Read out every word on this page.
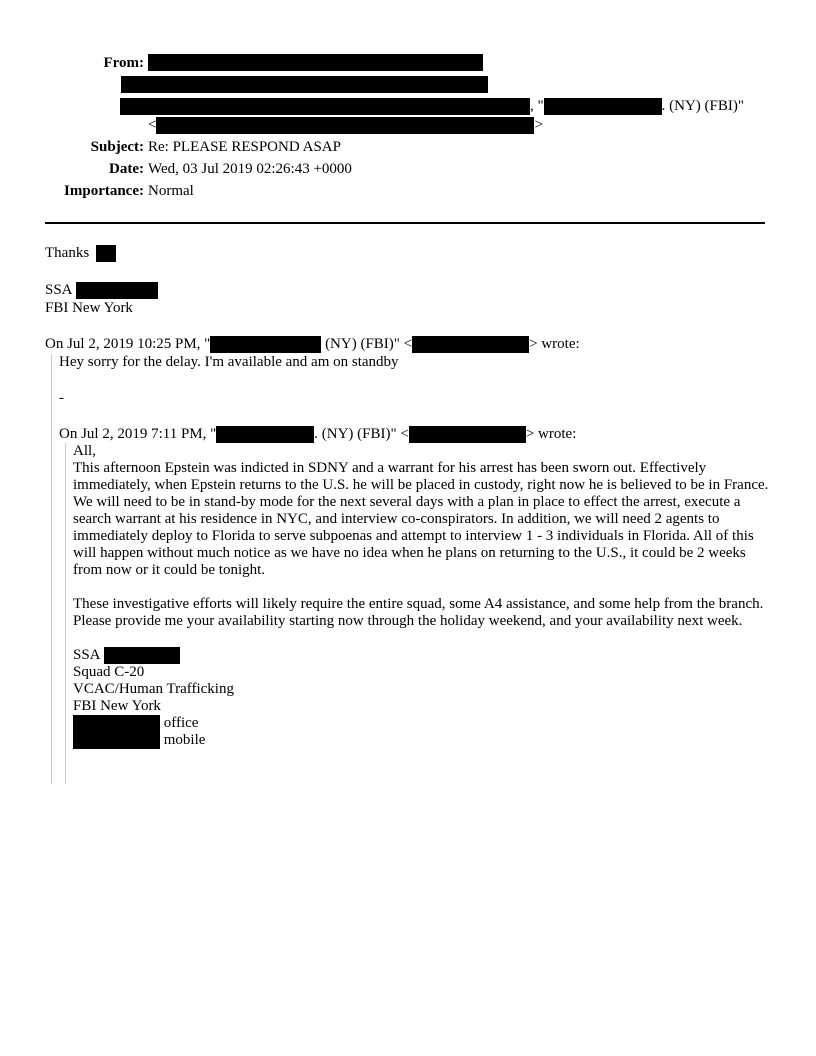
From:
, "	. (NY) (FBI)"
<	>
Subject: Re: PLEASE RESPOND ASAP
Date: Wed, 03 Jul 2019 02:26:43 +0000
Importance: Normal
Thanks
SSA
FBI New York
On Jul 2, 2019 10:25 PM, "	(NY) (FBI)" <	> wrote:
Hey sorry for the delay. I'm available and am on standby
-
On Jul 2, 2019 7:11 PM, "	. (NY) (FBI)" <	> wrote:
All,
This afternoon Epstein was indicted in SDNY and a warrant for his arrest has been sworn out. Effectively immediately, when Epstein returns to the U.S. he will be placed in custody, right now he is believed to be in France. We will need to be in stand-by mode for the next several days with a plan in place to effect the arrest, execute a search warrant at his residence in NYC, and interview co-conspirators. In addition, we will need 2 agents to immediately deploy to Florida to serve subpoenas and attempt to interview 1 - 3 individuals in Florida. All of this will happen without much notice as we have no idea when he plans on returning to the U.S., it could be 2 weeks from now or it could be tonight.
These investigative efforts will likely require the entire squad, some A4 assistance, and some help from the branch. Please provide me your availability starting now through the holiday weekend, and your availability next week.
SSA
Squad C-20
VCAC/Human Trafficking
FBI New York
office
mobile
